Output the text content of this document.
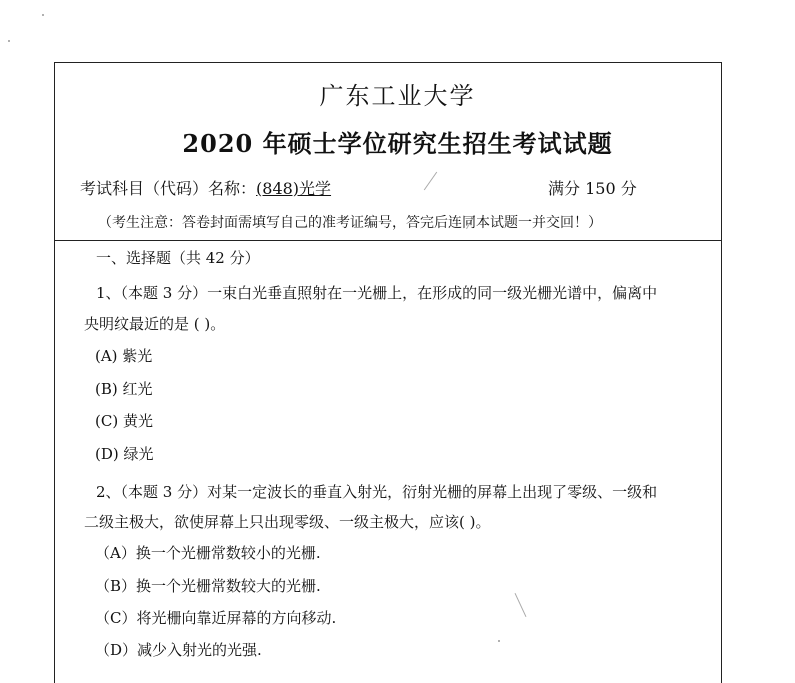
广东工业大学
2020 年硕士学位研究生招生考试试题
考试科目（代码）名称：(848)光学	满分 150 分
（考生注意：答卷封面需填写自己的准考证编号，答完后连同本试题一并交回！）
一、选择题（共 42 分）
1、（本题 3 分）一束白光垂直照射在一光栅上，在形成的同一级光栅光谱中，偏离中
央明纹最近的是 ( )。
(A) 紫光
(B) 红光
(C) 黄光
(D) 绿光
2、（本题 3 分）对某一定波长的垂直入射光，衍射光栅的屏幕上出现了零级、一级和
二级主极大，欲使屏幕上只出现零级、一级主极大，应该( )。
（A）换一个光栅常数较小的光栅.
（B）换一个光栅常数较大的光栅.
（C）将光栅向靠近屏幕的方向移动.
（D）减少入射光的光强.
